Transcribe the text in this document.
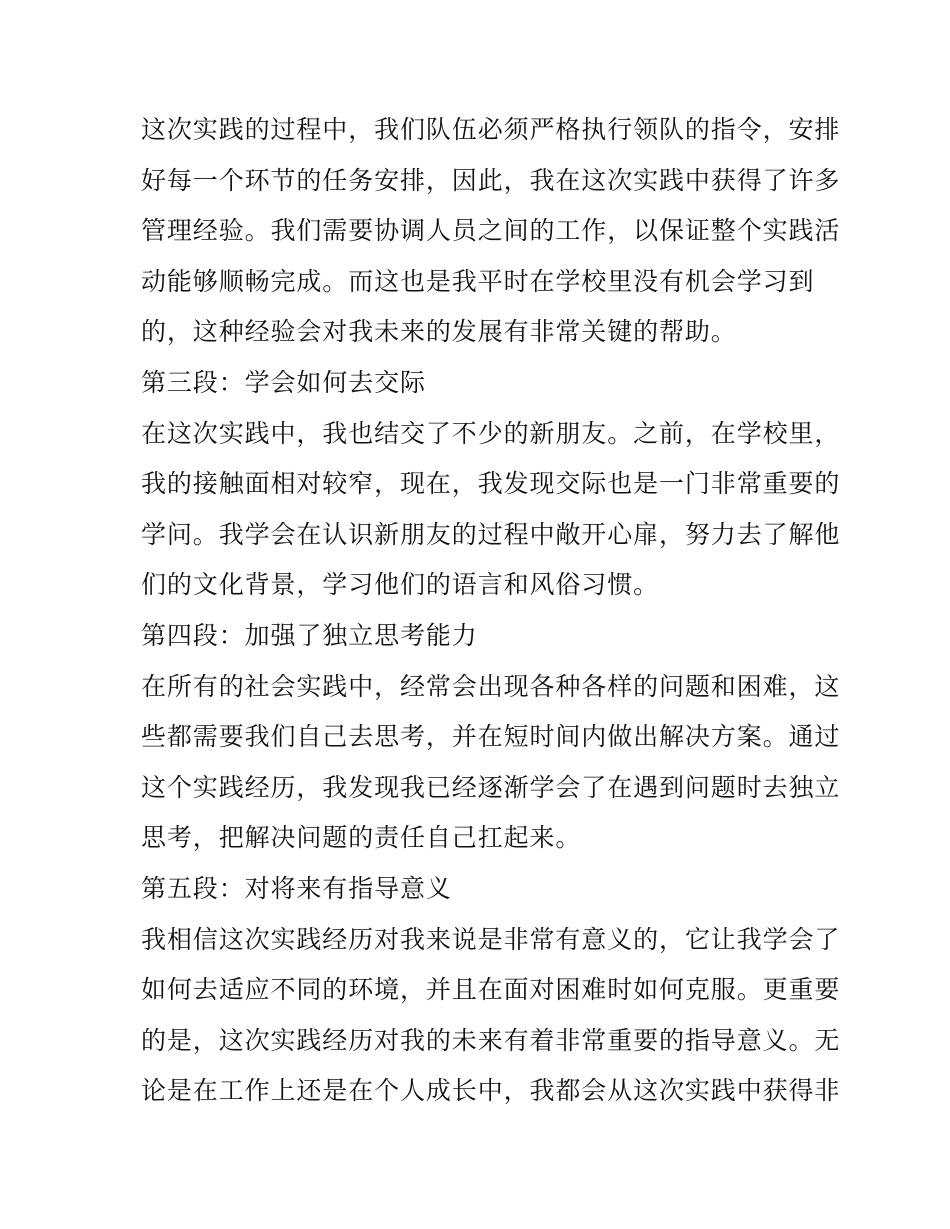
这次实践的过程中，我们队伍必须严格执行领队的指令，安排
好每一个环节的任务安排，因此，我在这次实践中获得了许多
管理经验。我们需要协调人员之间的工作，以保证整个实践活
动能够顺畅完成。而这也是我平时在学校里没有机会学习到
的，这种经验会对我未来的发展有非常关键的帮助。
第三段：学会如何去交际
在这次实践中，我也结交了不少的新朋友。之前，在学校里，
我的接触面相对较窄，现在，我发现交际也是一门非常重要的
学问。我学会在认识新朋友的过程中敞开心扉，努力去了解他
们的文化背景，学习他们的语言和风俗习惯。
第四段：加强了独立思考能力
在所有的社会实践中，经常会出现各种各样的问题和困难，这
些都需要我们自己去思考，并在短时间内做出解决方案。通过
这个实践经历，我发现我已经逐渐学会了在遇到问题时去独立
思考，把解决问题的责任自己扛起来。
第五段：对将来有指导意义
我相信这次实践经历对我来说是非常有意义的，它让我学会了
如何去适应不同的环境，并且在面对困难时如何克服。更重要
的是，这次实践经历对我的未来有着非常重要的指导意义。无
论是在工作上还是在个人成长中，我都会从这次实践中获得非
